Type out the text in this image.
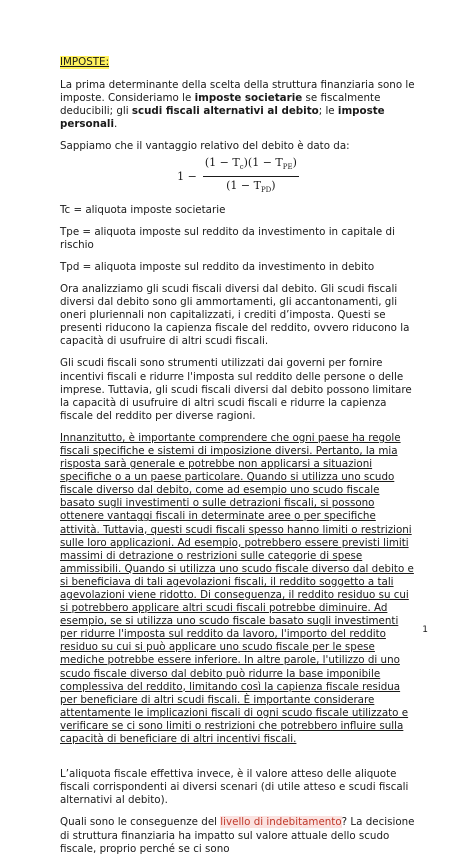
IMPOSTE:

La prima determinante della scelta della struttura finanziaria sono le imposte. Consideriamo le imposte societarie se fiscalmente deducibili; gli scudi fiscali alternativi al debito; le imposte personali.

Sappiamo che il vantaggio relativo del debito è dato da:

$1 - \frac{(1 - T_c)(1 - T_{PE})}{(1 - T_{PD})}$

Tc = aliquota imposte societarie

Tpe = aliquota imposte sul reddito da investimento in capitale di rischio

Tpd = aliquota imposte sul reddito da investimento in debito

Ora analizziamo gli scudi fiscali diversi dal debito. Gli scudi fiscali diversi dal debito sono gli ammortamenti, gli accantonamenti, gli oneri pluriennali non capitalizzati, i crediti d’imposta. Questi se presenti riducono la capienza fiscale del reddito, ovvero riducono la capacità di usufruire di altri scudi fiscali.

Gli scudi fiscali sono strumenti utilizzati dai governi per fornire incentivi fiscali e ridurre l'imposta sul reddito delle persone o delle imprese. Tuttavia, gli scudi fiscali diversi dal debito possono limitare la capacità di usufruire di altri scudi fiscali e ridurre la capienza fiscale del reddito per diverse ragioni.

Innanzitutto, è importante comprendere che ogni paese ha regole fiscali specifiche e sistemi di imposizione diversi. Pertanto, la mia risposta sarà generale e potrebbe non applicarsi a situazioni specifiche o a un paese particolare. Quando si utilizza uno scudo fiscale diverso dal debito, come ad esempio uno scudo fiscale basato sugli investimenti o sulle detrazioni fiscali, si possono ottenere vantaggi fiscali in determinate aree o per specifiche attività. Tuttavia, questi scudi fiscali spesso hanno limiti o restrizioni sulle loro applicazioni. Ad esempio, potrebbero essere previsti limiti massimi di detrazione o restrizioni sulle categorie di spese ammissibili. Quando si utilizza uno scudo fiscale diverso dal debito e si beneficiava di tali agevolazioni fiscali, il reddito soggetto a tali agevolazioni viene ridotto. Di conseguenza, il reddito residuo su cui si potrebbero applicare altri scudi fiscali potrebbe diminuire. Ad esempio, se si utilizza uno scudo fiscale basato sugli investimenti per ridurre l'imposta sul reddito da lavoro, l'importo del reddito residuo su cui si può applicare uno scudo fiscale per le spese mediche potrebbe essere inferiore. In altre parole, l'utilizzo di uno scudo fiscale diverso dal debito può ridurre la base imponibile complessiva del reddito, limitando così la capienza fiscale residua per beneficiare di altri scudi fiscali. È importante considerare attentamente le implicazioni fiscali di ogni scudo fiscale utilizzato e verificare se ci sono limiti o restrizioni che potrebbero influire sulla capacità di beneficiare di altri incentivi fiscali.

L’aliquota fiscale effettiva invece, è il valore atteso delle aliquote fiscali corrispondenti ai diversi scenari (di utile atteso e scudi fiscali alternativi al debito).

Quali sono le conseguenze del livello di indebitamento? La decisione di struttura finanziaria ha impatto sul valore attuale dello scudo fiscale, proprio perché se ci sono

1
